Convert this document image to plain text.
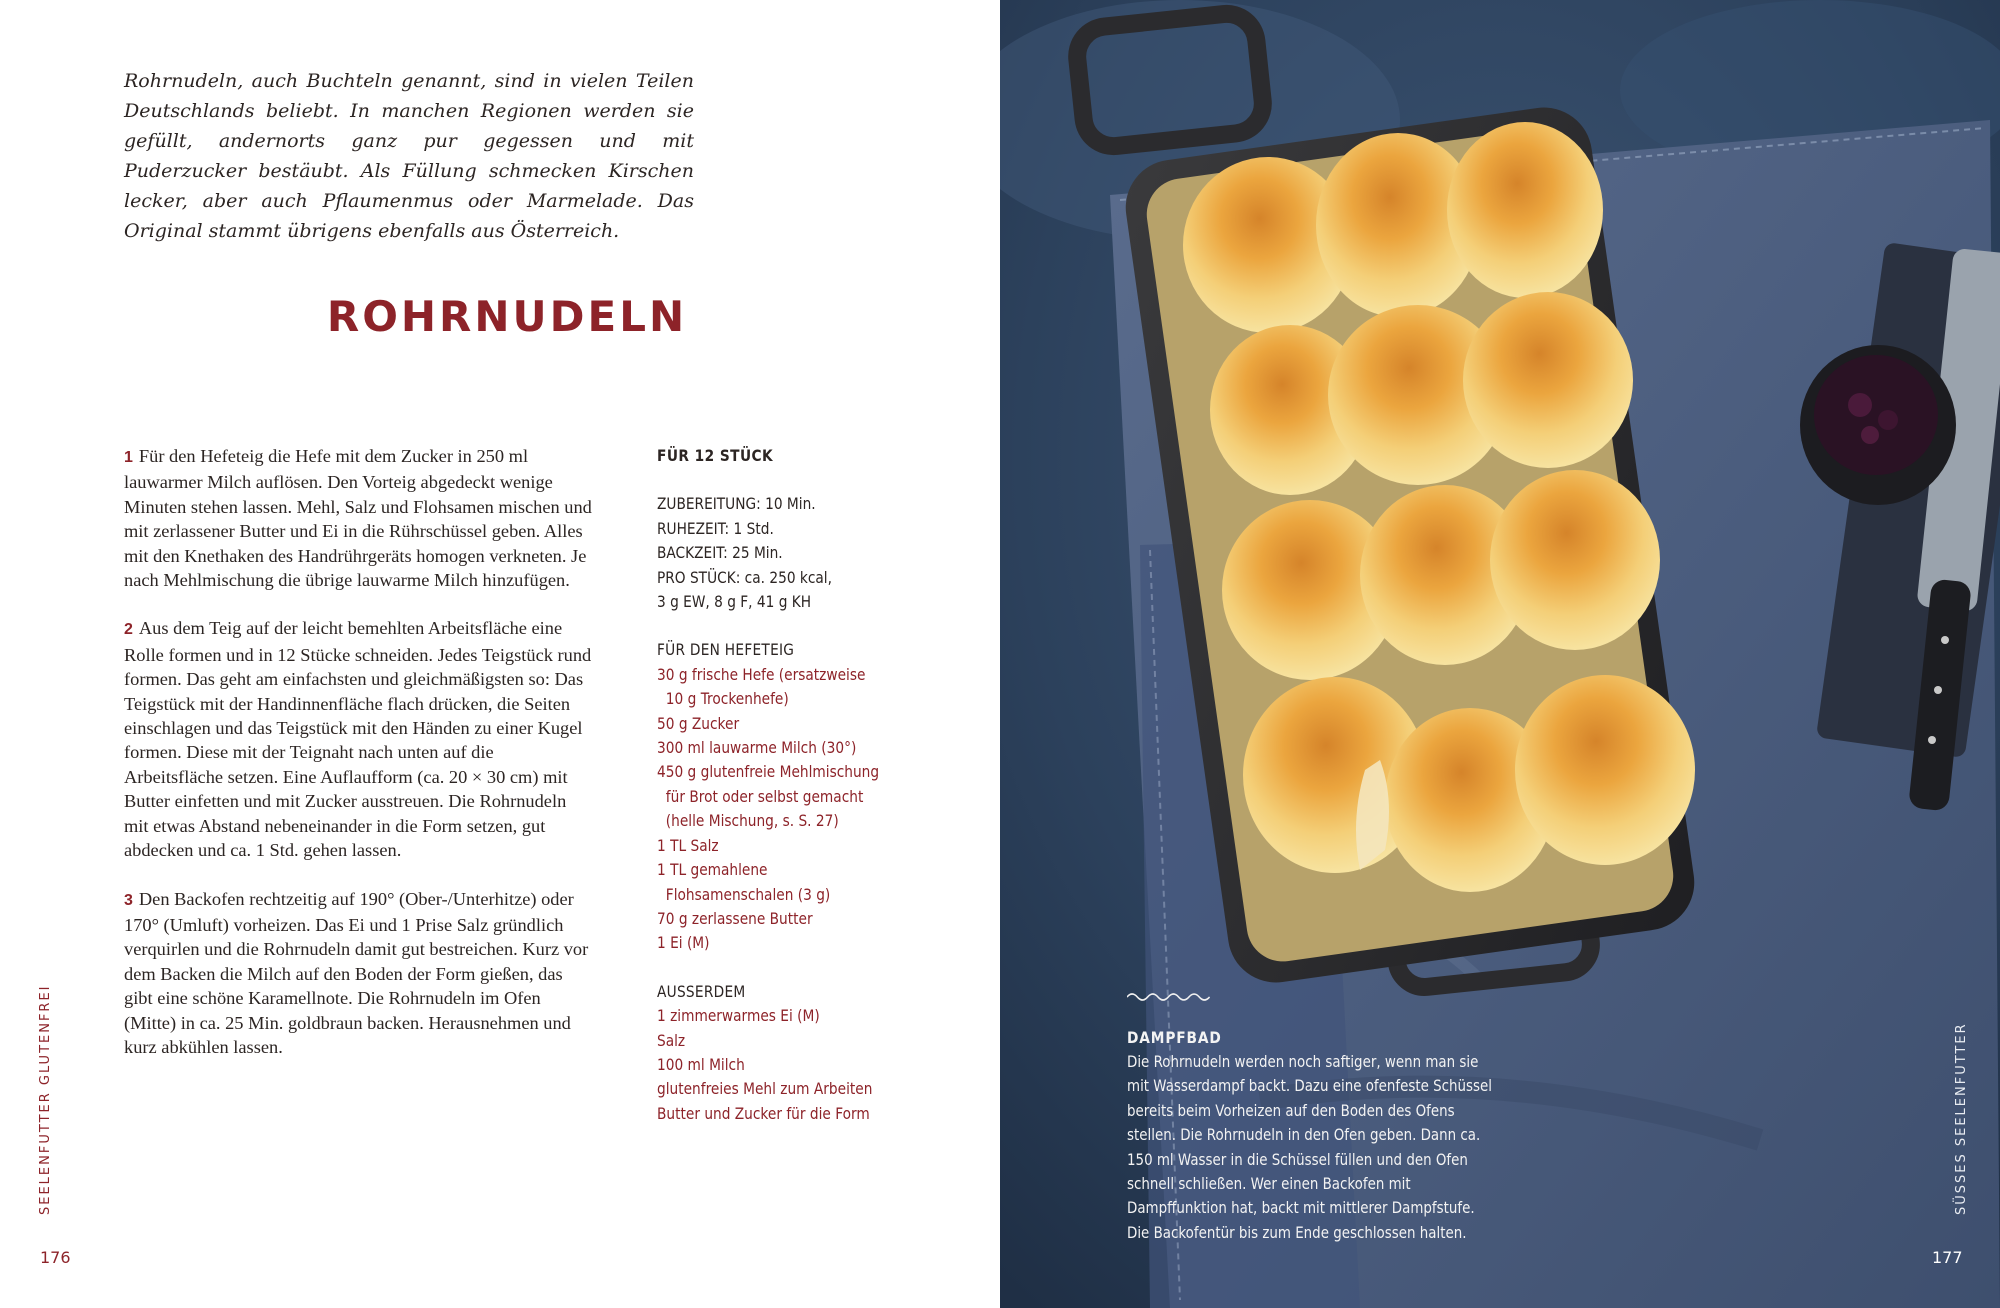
Rohrnudeln, auch Buchteln genannt, sind in vielen Teilen Deutschlands beliebt. In manchen Regionen werden sie gefüllt, andernorts ganz pur gegessen und mit Puderzucker bestäubt. Als Füllung schmecken Kirschen lecker, aber auch Pflaumenmus oder Marmelade. Das Original stammt übrigens ebenfalls aus Österreich.

ROHRNUDELN

1 Für den Hefeteig die Hefe mit dem Zucker in 250 ml lauwarmer Milch auflösen. Den Vorteig abgedeckt wenige Minuten stehen lassen. Mehl, Salz und Flohsamen mischen und mit zerlassener Butter und Ei in die Rührschüssel geben. Alles mit den Knethaken des Handrührgeräts homogen verkneten. Je nach Mehlmischung die übrige lauwarme Milch hinzufügen.

2 Aus dem Teig auf der leicht bemehlten Arbeitsfläche eine Rolle formen und in 12 Stücke schneiden. Jedes Teigstück rund formen. Das geht am einfachsten und gleichmäßigsten so: Das Teigstück mit der Handinnenfläche flach drücken, die Seiten einschlagen und das Teigstück mit den Händen zu einer Kugel formen. Diese mit der Teignaht nach unten auf die Arbeitsfläche setzen. Eine Auflaufform (ca. 20 × 30 cm) mit Butter einfetten und mit Zucker ausstreuen. Die Rohrnudeln mit etwas Abstand nebeneinander in die Form setzen, gut abdecken und ca. 1 Std. gehen lassen.

3 Den Backofen rechtzeitig auf 190° (Ober-/Unterhitze) oder 170° (Umluft) vorheizen. Das Ei und 1 Prise Salz gründlich verquirlen und die Rohrnudeln damit gut bestreichen. Kurz vor dem Backen die Milch auf den Boden der Form gießen, das gibt eine schöne Karamellnote. Die Rohrnudeln im Ofen (Mitte) in ca. 25 Min. goldbraun backen. Herausnehmen und kurz abkühlen lassen.

FÜR 12 STÜCK
ZUBEREITUNG: 10 Min.
RUHEZEIT: 1 Std.
BACKZEIT: 25 Min.
PRO STÜCK: ca. 250 kcal,
3 g EW, 8 g F, 41 g KH
FÜR DEN HEFETEIG
30 g frische Hefe (ersatzweise 10 g Trockenhefe)
50 g Zucker
300 ml lauwarme Milch (30°)
450 g glutenfreie Mehlmischung für Brot oder selbst gemacht (helle Mischung, s. S. 27)
1 TL Salz
1 TL gemahlene Flohsamenschalen (3 g)
70 g zerlassene Butter
1 Ei (M)
AUSSERDEM
1 zimmerwarmes Ei (M)
Salz
100 ml Milch
glutenfreies Mehl zum Arbeiten
Butter und Zucker für die Form
SEELENFUTTER GLUTENFREI
176
DAMPFBAD
Die Rohrnudeln werden noch saftiger, wenn man sie mit Wasserdampf backt. Dazu eine ofenfeste Schüssel bereits beim Vorheizen auf den Boden des Ofens stellen. Die Rohrnudeln in den Ofen geben. Dann ca. 150 ml Wasser in die Schüssel füllen und den Ofen schnell schließen. Wer einen Backofen mit Dampffunktion hat, backt mit mittlerer Dampfstufe. Die Backofentür bis zum Ende geschlossen halten.
SÜSSES SEELENFUTTER
177
